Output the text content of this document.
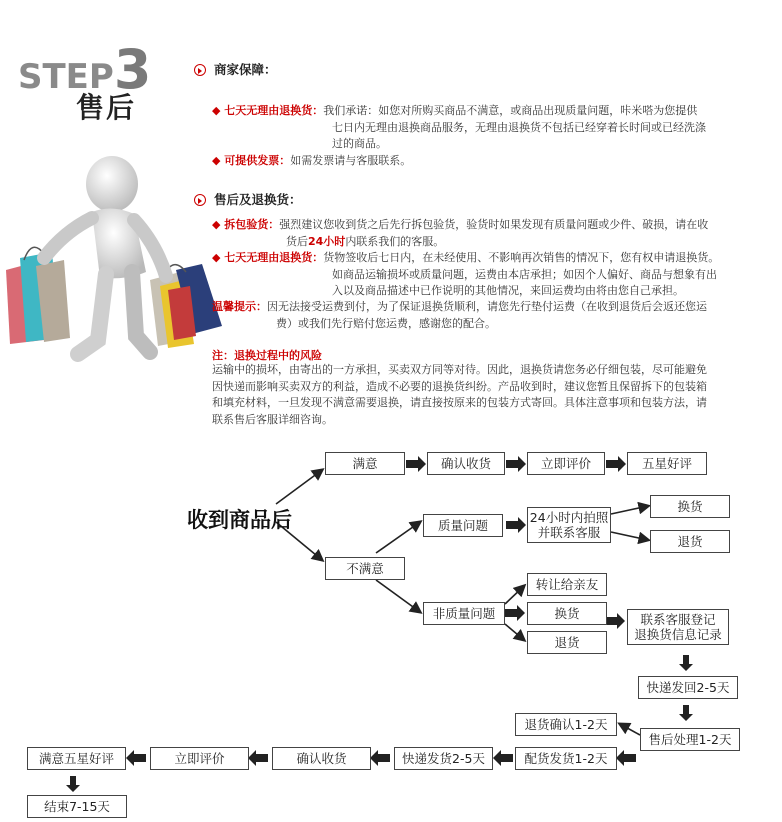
STEP3
售后
商家保障：
◆ 七天无理由退换货：我们承诺：如您对所购买商品不满意，或商品出现质量问题，咔米嗒为您提供
七日内无理由退换商品服务，无理由退换货不包括已经穿着长时间或已经洗涤
过的商品。
◆ 可提供发票：如需发票请与客服联系。
售后及退换货：
◆ 拆包验货：强烈建议您收到货之后先行拆包验货，验货时如果发现有质量问题或少件、破损，请在收
货后24小时内联系我们的客服。
◆ 七天无理由退换货：货物签收后七日内，在未经使用、不影响再次销售的情况下，您有权申请退换货。
如商品运输损坏或质量问题，运费由本店承担；如因个人偏好、商品与想象有出
入以及商品描述中已作说明的其他情况，来回运费均由将由您自己承担。
温馨提示：因无法接受运费到付，为了保证退换货顺利，请您先行垫付运费（在收到退货后会返还您运
费）或我们先行赔付您运费，感谢您的配合。
注：退换过程中的风险
运输中的损坏，由寄出的一方承担，买卖双方同等对待。因此，退换货请您务必仔细包装，尽可能避免
因快递而影响买卖双方的利益，造成不必要的退换货纠纷。产品收到时，建议您暂且保留拆下的包装箱
和填充材料，一旦发现不满意需要退换，请直接按原来的包装方式寄回。具体注意事项和包装方法，请
联系售后客服详细咨询。
收到商品后
满意	确认收货	立即评价	五星好评
质量问题
24小时内拍照
并联系客服
换货
退货
不满意
非质量问题
转让给亲友
换货
退货
联系客服登记
退换货信息记录
快递发回2-5天
退货确认1-2天
售后处理1-2天
配货发货1-2天
快递发货2-5天
确认收货
立即评价
满意五星好评
结束7-15天
